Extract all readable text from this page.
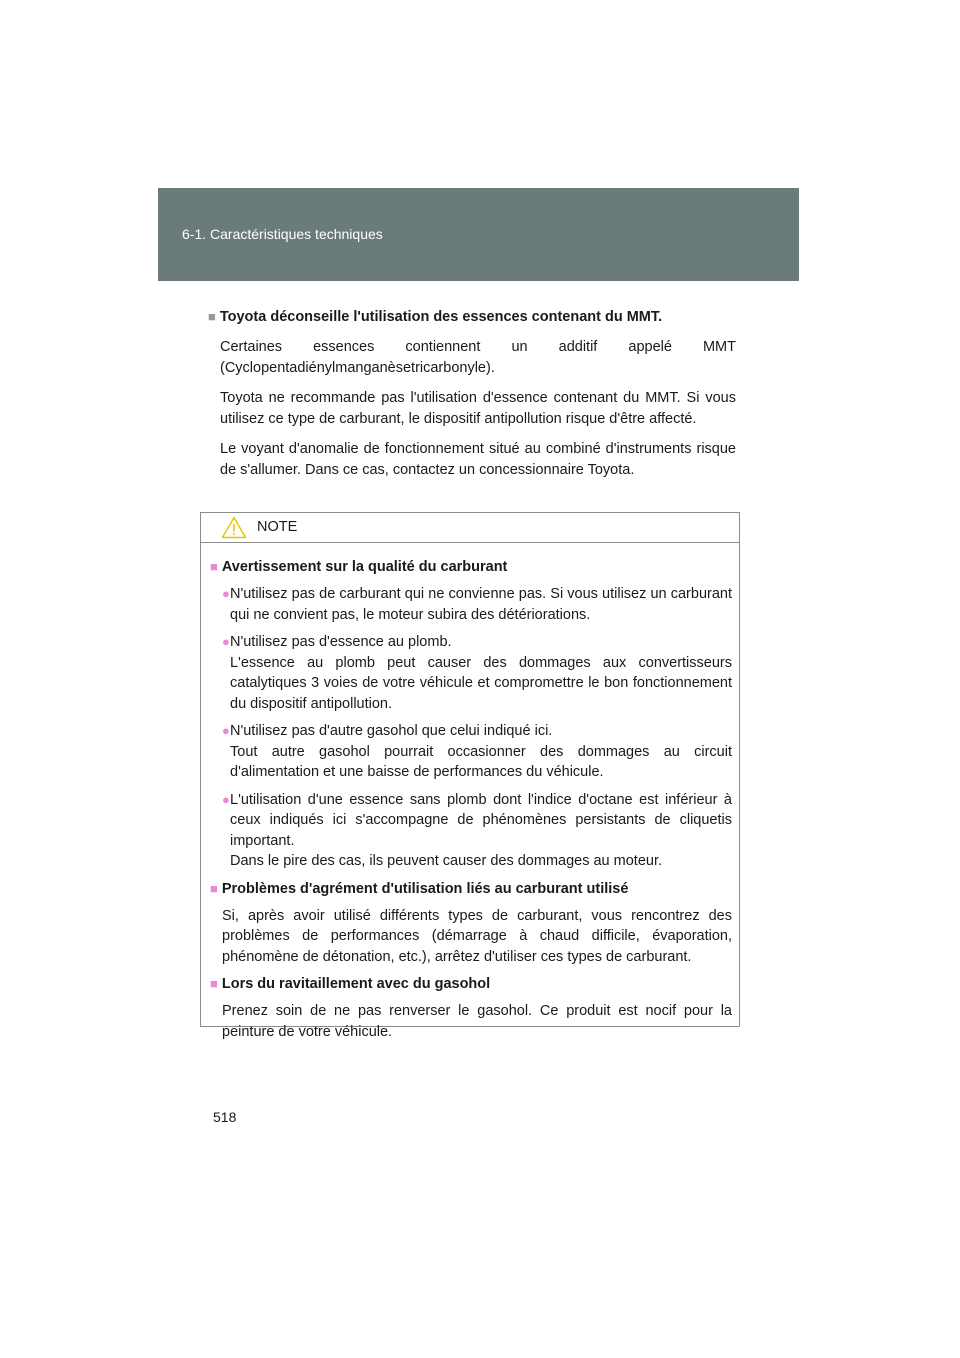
6-1. Caractéristiques techniques
■ Toyota déconseille l'utilisation des essences contenant du MMT.

Certaines essences contiennent un additif appelé MMT (Cyclopentadiénylmanganèsetricarbonyle).

Toyota ne recommande pas l'utilisation d'essence contenant du MMT. Si vous utilisez ce type de carburant, le dispositif antipollution risque d'être affecté.

Le voyant d'anomalie de fonctionnement situé au combiné d'instruments risque de s'allumer. Dans ce cas, contactez un concessionnaire Toyota.

NOTE
■ Avertissement sur la qualité du carburant
● N'utilisez pas de carburant qui ne convienne pas. Si vous utilisez un carburant qui ne convient pas, le moteur subira des détériorations.
● N'utilisez pas d'essence au plomb.
L'essence au plomb peut causer des dommages aux convertisseurs catalytiques 3 voies de votre véhicule et compromettre le bon fonctionnement du dispositif antipollution.
● N'utilisez pas d'autre gasohol que celui indiqué ici.
Tout autre gasohol pourrait occasionner des dommages au circuit d'alimentation et une baisse de performances du véhicule.
● L'utilisation d'une essence sans plomb dont l'indice d'octane est inférieur à ceux indiqués ici s'accompagne de phénomènes persistants de cliquetis important.
Dans le pire des cas, ils peuvent causer des dommages au moteur.
■ Problèmes d'agrément d'utilisation liés au carburant utilisé

Si, après avoir utilisé différents types de carburant, vous rencontrez des problèmes de performances (démarrage à chaud difficile, évaporation, phénomène de détonation, etc.), arrêtez d'utiliser ces types de carburant.

■ Lors du ravitaillement avec du gasohol

Prenez soin de ne pas renverser le gasohol. Ce produit est nocif pour la peinture de votre véhicule.

518
